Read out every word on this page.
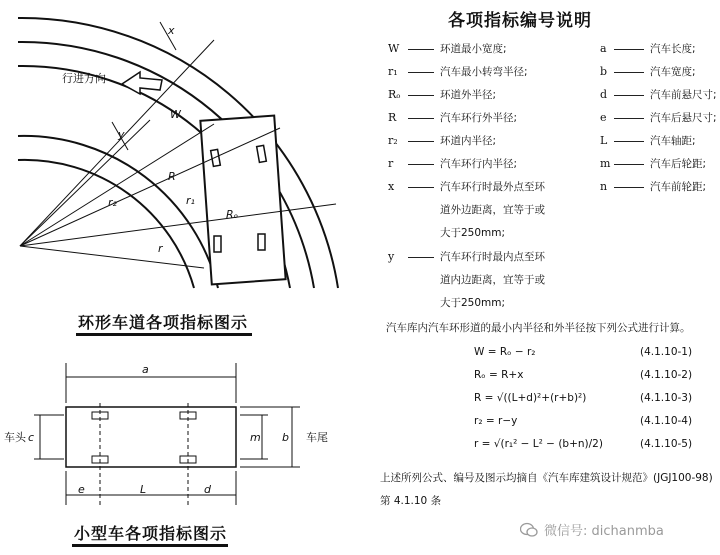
x
W
y
R
r₁
r₂
Rₒ
r
行进方向
环形车道各项指标图示
a
c	m b
e	L	d
车头	车尾
小型车各项指标图示
各项指标编号说明
W	环道最小宽度;
r₁	汽车最小转弯半径;
Rₒ	环道外半径;
R	汽车环行外半径;
r₂	环道内半径;
r	汽车环行内半径;
x	汽车环行时最外点至环
道外边距离，宜等于或
大于250mm;
y	汽车环行时最内点至环
道内边距离，宜等于或
大于250mm;
a	汽车长度;
b	汽车宽度;
d	汽车前悬尺寸;
e	汽车后悬尺寸;
L	汽车轴距;
m	汽车后轮距;
n	汽车前轮距;
汽车库内汽车环形道的最小内半径和外半径按下列公式进行计算。
W = Rₒ − r₂	(4.1.10-1)
Rₒ = R+x	(4.1.10-2)
R = √((L+d)²+(r+b)²)	(4.1.10-3)
r₂ = r−y	(4.1.10-4)
r = √(r₁² − L² − (b+n)/2)	(4.1.10-5)
上述所列公式、编号及图示均摘自《汽车库建筑设计规范》(JGJ100-98)
第 4.1.10 条
微信号: dichanmba
